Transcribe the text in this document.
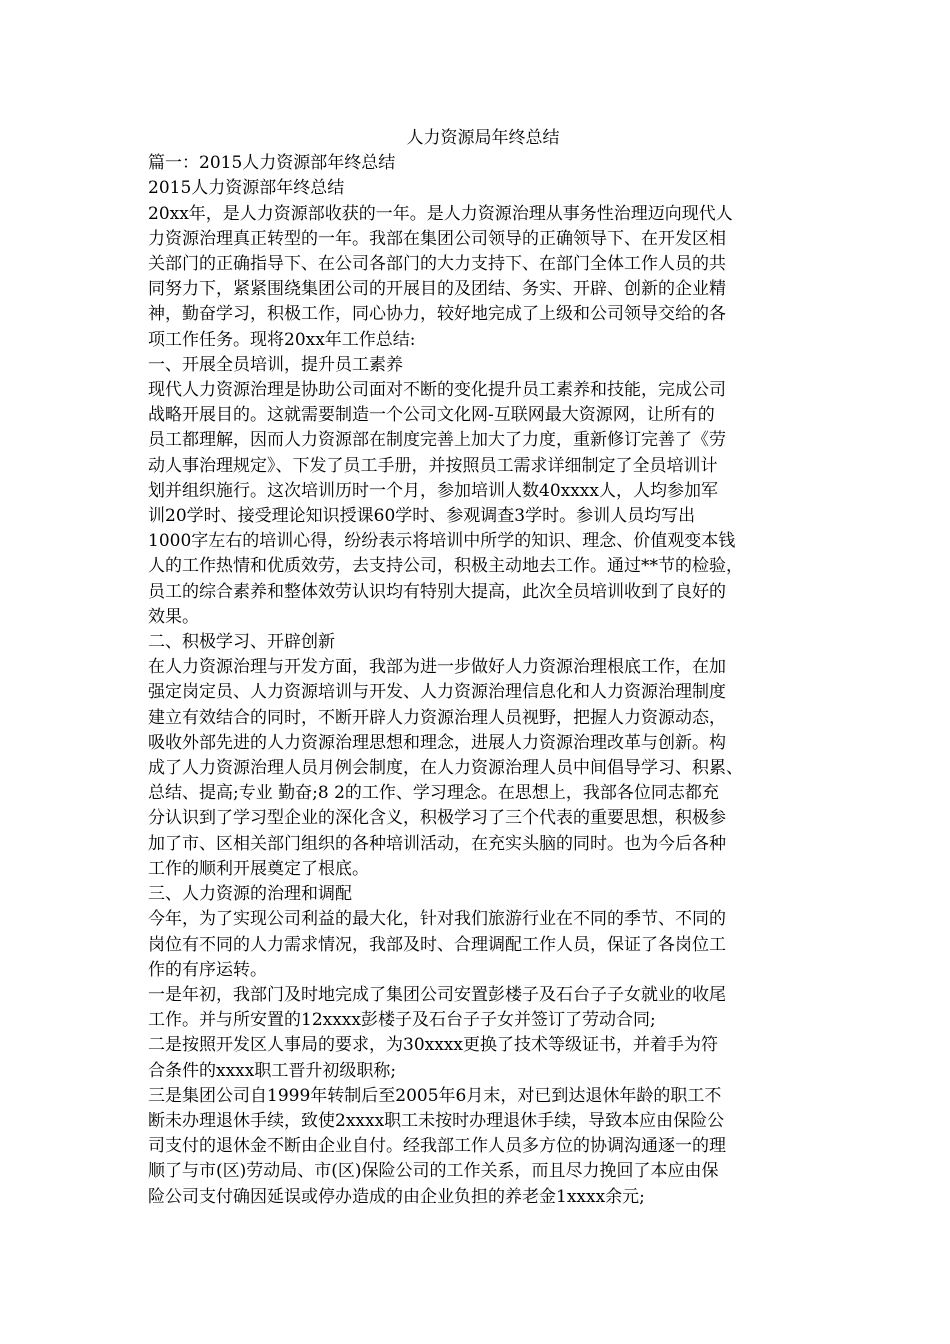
人力资源局年终总结
篇一：2015人力资源部年终总结
2015人力资源部年终总结
20xx年，是人力资源部收获的一年。是人力资源治理从事务性治理迈向现代人
力资源治理真正转型的一年。我部在集团公司领导的正确领导下、在开发区相
关部门的正确指导下、在公司各部门的大力支持下、在部门全体工作人员的共
同努力下，紧紧围绕集团公司的开展目的及团结、务实、开辟、创新的企业精
神，勤奋学习，积极工作，同心协力，较好地完成了上级和公司领导交给的各
项工作任务。现将20xx年工作总结:
一、开展全员培训，提升员工素养
现代人力资源治理是协助公司面对不断的变化提升员工素养和技能，完成公司
战略开展目的。这就需要制造一个公司文化网-互联网最大资源网，让所有的
员工都理解，因而人力资源部在制度完善上加大了力度，重新修订完善了《劳
动人事治理规定》、下发了员工手册，并按照员工需求详细制定了全员培训计
划并组织施行。这次培训历时一个月，参加培训人数40xxxx人，人均参加军
训20学时、接受理论知识授课60学时、参观调查3学时。参训人员均写出
1000字左右的培训心得，纷纷表示将培训中所学的知识、理念、价值观变本钱
人的工作热情和优质效劳，去支持公司，积极主动地去工作。通过**节的检验，
员工的综合素养和整体效劳认识均有特别大提高，此次全员培训收到了良好的
效果。
二、积极学习、开辟创新
在人力资源治理与开发方面，我部为进一步做好人力资源治理根底工作，在加
强定岗定员、人力资源培训与开发、人力资源治理信息化和人力资源治理制度
建立有效结合的同时，不断开辟人力资源治理人员视野，把握人力资源动态，
吸收外部先进的人力资源治理思想和理念，进展人力资源治理改革与创新。构
成了人力资源治理人员月例会制度，在人力资源治理人员中间倡导学习、积累、
总结、提高;专业 勤奋;8 2的工作、学习理念。在思想上，我部各位同志都充
分认识到了学习型企业的深化含义，积极学习了三个代表的重要思想，积极参
加了市、区相关部门组织的各种培训活动，在充实头脑的同时。也为今后各种
工作的顺利开展奠定了根底。
三、人力资源的治理和调配
今年，为了实现公司利益的最大化，针对我们旅游行业在不同的季节、不同的
岗位有不同的人力需求情况，我部及时、合理调配工作人员，保证了各岗位工
作的有序运转。
一是年初，我部门及时地完成了集团公司安置彭楼子及石台子子女就业的收尾
工作。并与所安置的12xxxx彭楼子及石台子子女并签订了劳动合同;
二是按照开发区人事局的要求，为30xxxx更换了技术等级证书，并着手为符
合条件的xxxx职工晋升初级职称;
三是集团公司自1999年转制后至2005年6月末，对已到达退休年龄的职工不
断未办理退休手续，致使2xxxx职工未按时办理退休手续，导致本应由保险公
司支付的退休金不断由企业自付。经我部工作人员多方位的协调沟通逐一的理
顺了与市(区)劳动局、市(区)保险公司的工作关系，而且尽力挽回了本应由保
险公司支付确因延误或停办造成的由企业负担的养老金1xxxx余元;
